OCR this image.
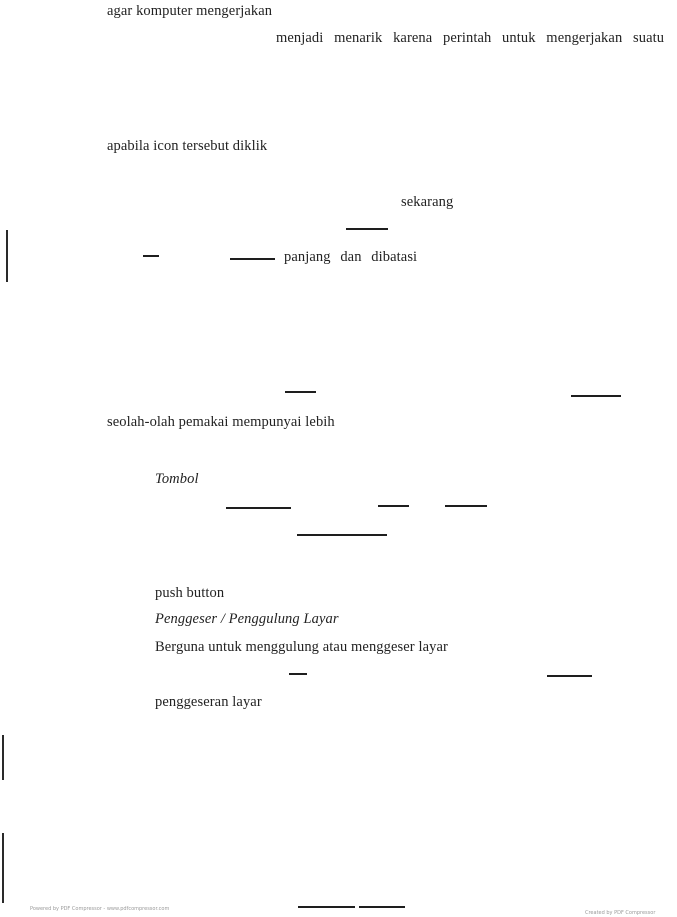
agar komputer mengerjakan
menjadi menarik karena perintah untuk mengerjakan suatu
apabila icon tersebut diklik
sekarang
panjang dan dibatasi
seolah-olah pemakai mempunyai lebih
Tombol
push button
Penggeser / Penggulung Layar
Berguna untuk menggulung atau menggeser layar
penggeseran layar
Powered by PDF Compressor - www.pdfcompressor.com
Created by PDF Compressor
